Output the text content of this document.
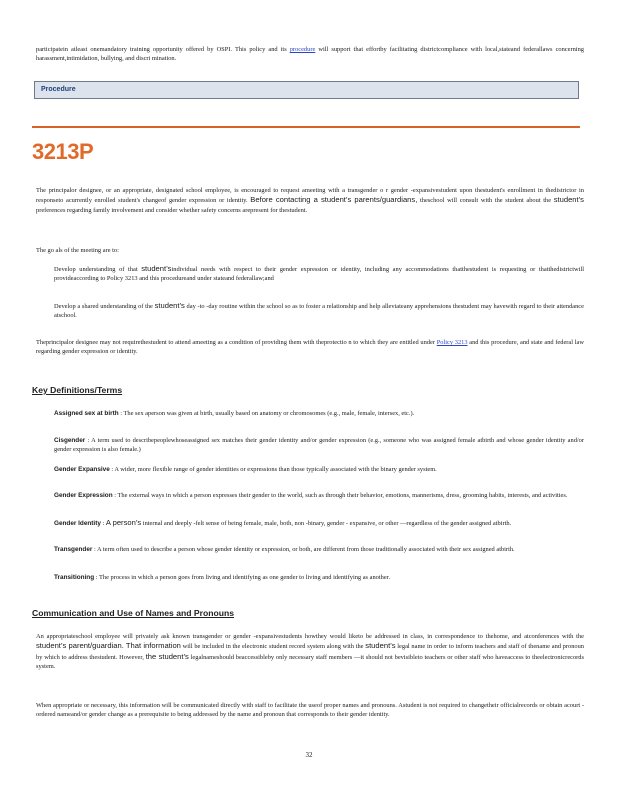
participatein atleast onemandatory training opportunity offered by OSPI. This policy and its procedure will support that effortby facilitating districtcompliance with local,stateand federallaws concerning harassment,intimidation, bullying, and discri mination.

Procedure
3213P

The principalor designee, or an appropriate, designated school employee, is encouraged to request ameeting with a transgender o r gender -expansivestudent upon thestudent's enrollment in thedistrictor in responseto acurrently enrolled student's changeof gender expression or identity. Before contacting a student’s parents/guardians, theschool will consult with the student about the student’s preferences regarding family involvement and consider whether safety concerns arepresent for thestudent.

The go als of the meeting are to:

Develop understanding of that student’sindividual needs with respect to their gender expression or identity, including any accommodations thatthestudent is requesting or thatthedistrictwill provideaccording to Policy 3213 and this procedureand under stateand federallaw;and

Develop a shared understanding of the student’s day -to -day routine within the school so as to foster a relationship and help alleviateany apprehensions thestudent may havewith regard to their attendance atschool.

Theprincipalor designee may not requirethestudent to attend ameeting as a condition of providing them with theprotectio n to which they are entitled under Policy 3213 and this procedure, and state and federal law regarding gender expression or identity.

Key Definitions/Terms

Assigned sex at birth : The sex aperson was given at birth, usually based on anatomy or chromosomes (e.g., male, female, intersex, etc.).

Cisgender : A term used to describepeoplewhoseassigned sex matches their gender identity and/or gender expression (e.g., someone who was assigned female atbirth and whose gender identity and/or gender expression is also female.)

Gender Expansive : A wider, more flexible range of gender identities or expressions than those typically associated with the binary gender system.

Gender Expression : The external ways in which a person expresses their gender to the world, such as through their behavior, emotions, mannerisms, dress, grooming habits, interests, and activities.

Gender Identity : A person’s internal and deeply -felt sense of being female, male, both, non -binary, gender - expansive, or other —regardless of the gender assigned atbirth.

Transgender : A term often used to describe a person whose gender identity or expression, or both, are different from those traditionally associated with their sex assigned atbirth.

Transitioning : The process in which a person goes from living and identifying as one gender to living and identifying as another.

Communication and Use of Names and Pronouns

An appropriateschool employee will privately ask known transgender or gender -expansivestudents howthey would liketo be addressed in class, in correspondence to thehome, and atconferences with the student’s parent/guardian. That information will be included in the electronic student record system along with the student’s legal name in order to inform teachers and staff of thename and pronoun by which to address thestudent. However, the student’s legalnameshould beaccessibleby only necessary staff members —it should not bevisibleto teachers or other staff who haveaccess to theelectronicrecords system.

When appropriate or necessary, this information will be communicated directly with staff to facilitate the useof proper names and pronouns. Astudent is not required to changetheir officialrecords or obtain acourt - ordered nameand/or gender change as a prerequisite to being addressed by the name and pronoun that corresponds to their gender identity.

32
